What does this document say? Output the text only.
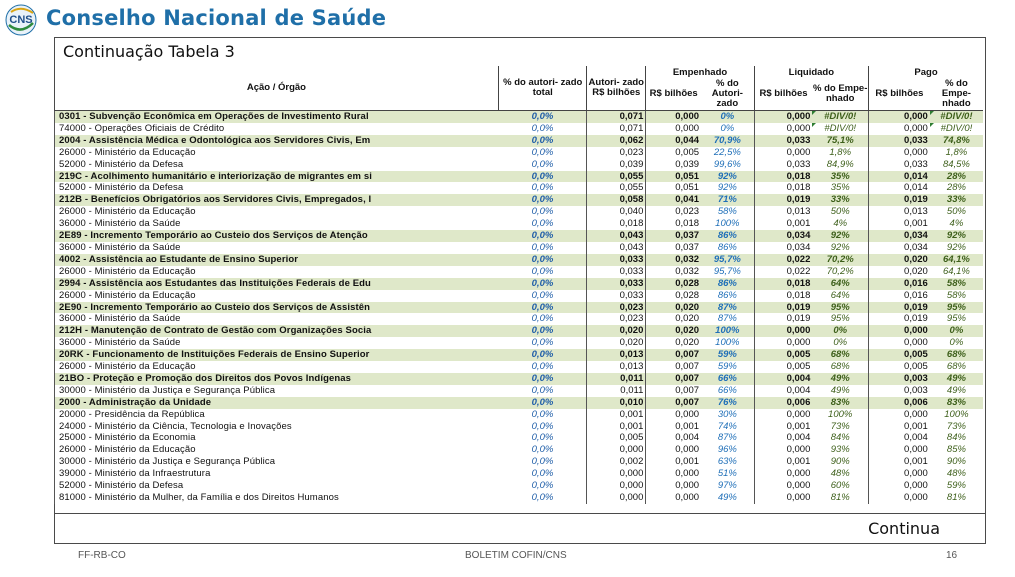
CNS Conselho Nacional de Saúde
Continuação Tabela 3
Ação / Órgão	% do autori- zado total	Autori- zado R$ bilhões	Empenhado		Liquidado		Pago	
			R$ bilhões	% do Autori- zado	R$ bilhões	% do Empe- nhado	R$ bilhões	% do Empe- nhado
0301 - Subvenção Econômica em Operações de Investimento Rural	0,0%	0,071	0,000	0%	0,000	#DIV/0!	0,000	#DIV/0!
74000 - Operações Oficiais de Crédito	0,0%	0,071	0,000	0%	0,000	#DIV/0!	0,000	#DIV/0!
2004 - Assistência Médica e Odontológica aos Servidores Civis, Em	0,0%	0,062	0,044	70,9%	0,033	75,1%	0,033	74,8%
26000 - Ministério da Educação	0,0%	0,023	0,005	22,5%	0,000	1,8%	0,000	1,8%
52000 - Ministério da Defesa	0,0%	0,039	0,039	99,6%	0,033	84,9%	0,033	84,5%
219C - Acolhimento humanitário e interiorização de migrantes em si	0,0%	0,055	0,051	92%	0,018	35%	0,014	28%
52000 - Ministério da Defesa	0,0%	0,055	0,051	92%	0,018	35%	0,014	28%
212B - Benefícios Obrigatórios aos Servidores Civis, Empregados, I	0,0%	0,058	0,041	71%	0,019	33%	0,019	33%
26000 - Ministério da Educação	0,0%	0,040	0,023	58%	0,013	50%	0,013	50%
36000 - Ministério da Saúde	0,0%	0,018	0,018	100%	0,001	4%	0,001	4%
2E89 - Incremento Temporário ao Custeio dos Serviços de Atenção	0,0%	0,043	0,037	86%	0,034	92%	0,034	92%
36000 - Ministério da Saúde	0,0%	0,043	0,037	86%	0,034	92%	0,034	92%
4002 - Assistência ao Estudante de Ensino Superior	0,0%	0,033	0,032	95,7%	0,022	70,2%	0,020	64,1%
26000 - Ministério da Educação	0,0%	0,033	0,032	95,7%	0,022	70,2%	0,020	64,1%
2994 - Assistência aos Estudantes das Instituições Federais de Edu	0,0%	0,033	0,028	86%	0,018	64%	0,016	58%
26000 - Ministério da Educação	0,0%	0,033	0,028	86%	0,018	64%	0,016	58%
2E90 - Incremento Temporário ao Custeio dos Serviços de Assistên	0,0%	0,023	0,020	87%	0,019	95%	0,019	95%
36000 - Ministério da Saúde	0,0%	0,023	0,020	87%	0,019	95%	0,019	95%
212H - Manutenção de Contrato de Gestão com Organizações Socia	0,0%	0,020	0,020	100%	0,000	0%	0,000	0%
36000 - Ministério da Saúde	0,0%	0,020	0,020	100%	0,000	0%	0,000	0%
20RK - Funcionamento de Instituições Federais de Ensino Superior	0,0%	0,013	0,007	59%	0,005	68%	0,005	68%
26000 - Ministério da Educação	0,0%	0,013	0,007	59%	0,005	68%	0,005	68%
21BO - Proteção e Promoção dos Direitos dos Povos Indígenas	0,0%	0,011	0,007	66%	0,004	49%	0,003	49%
30000 - Ministério da Justiça e Segurança Pública	0,0%	0,011	0,007	66%	0,004	49%	0,003	49%
2000 - Administração da Unidade	0,0%	0,010	0,007	76%	0,006	83%	0,006	83%
20000 - Presidência da República	0,0%	0,001	0,000	30%	0,000	100%	0,000	100%
24000 - Ministério da Ciência, Tecnologia e Inovações	0,0%	0,001	0,001	74%	0,001	73%	0,001	73%
25000 - Ministério da Economia	0,0%	0,005	0,004	87%	0,004	84%	0,004	84%
26000 - Ministério da Educação	0,0%	0,000	0,000	96%	0,000	93%	0,000	85%
30000 - Ministério da Justiça e Segurança Pública	0,0%	0,002	0,001	63%	0,001	90%	0,001	90%
39000 - Ministério da Infraestrutura	0,0%	0,000	0,000	51%	0,000	48%	0,000	48%
52000 - Ministério da Defesa	0,0%	0,000	0,000	97%	0,000	60%	0,000	59%
81000 - Ministério da Mulher, da Família e dos Direitos Humanos	0,0%	0,000	0,000	49%	0,000	81%	0,000	81%
Continua
FF-RB-CO	BOLETIM COFIN/CNS	16
